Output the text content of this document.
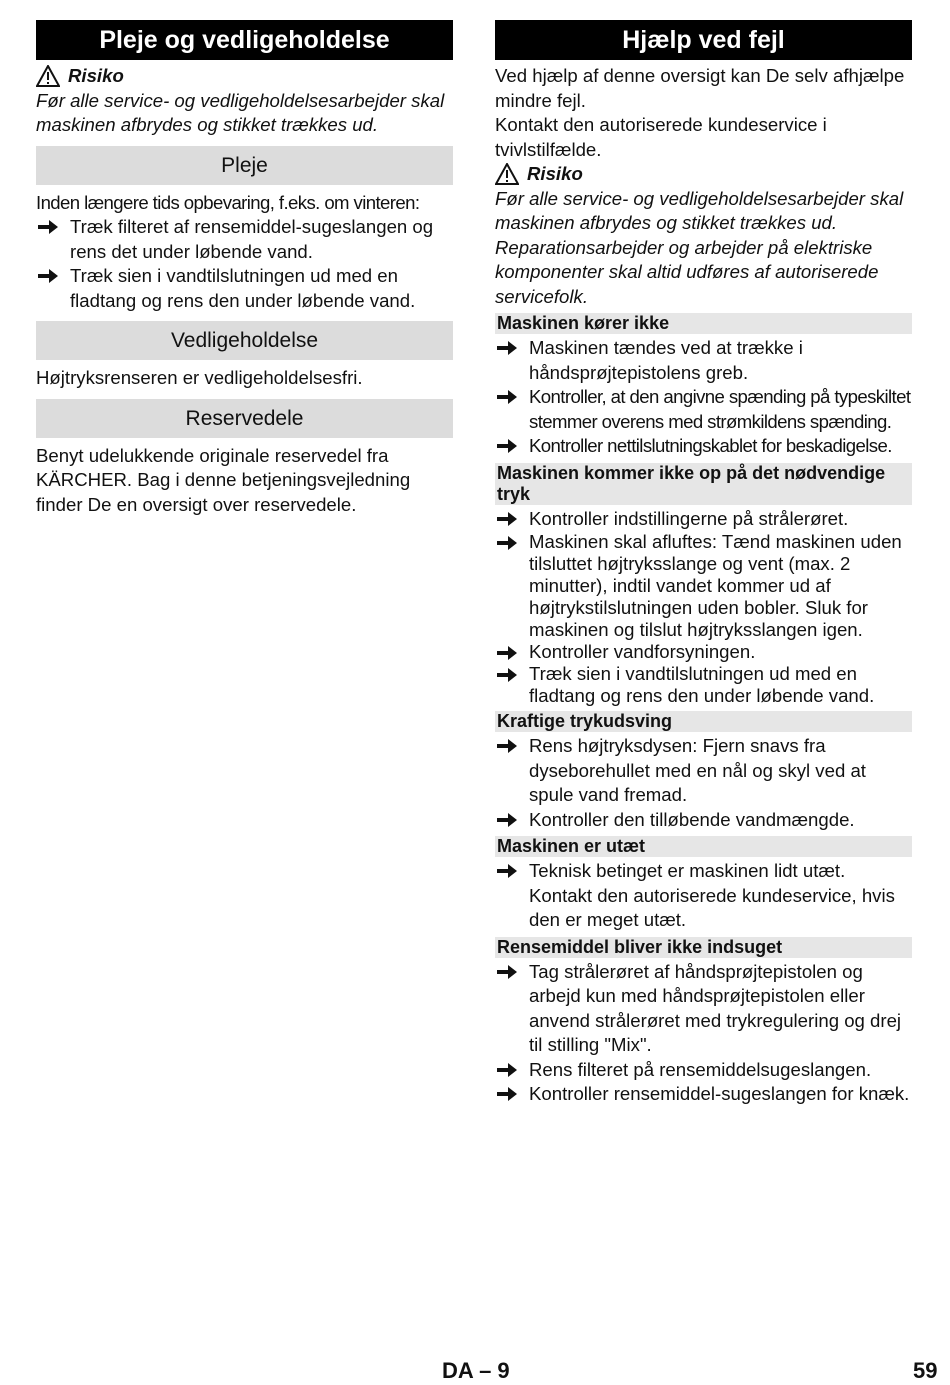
Pleje og vedligeholdelse
Risiko

Før alle service- og vedligeholdelsesarbejder skal maskinen afbrydes og stikket trækkes ud.

Pleje

Inden længere tids opbevaring, f.eks. om vinteren:

Træk filteret af rensemiddel-sugeslangen og rens det under løbende vand.
Træk sien i vandtilslutningen ud med en fladtang og rens den under løbende vand.
Vedligeholdelse

Højtryksrenseren er vedligeholdelsesfri.

Reservedele

Benyt udelukkende originale reservedel fra KÄRCHER. Bag i denne betjeningsvejledning finder De en oversigt over reservedele.

Hjælp ved fejl

Ved hjælp af denne oversigt kan De selv afhjælpe mindre fejl.

Kontakt den autoriserede kundeservice i tvivlstilfælde.

Risiko

Før alle service- og vedligeholdelsesarbejder skal maskinen afbrydes og stikket trækkes ud.

Reparationsarbejder og arbejder på elektriske komponenter skal altid udføres af autoriserede servicefolk.

Maskinen kører ikke
Maskinen tændes ved at trække i håndsprøjtepistolens greb.
Kontroller, at den angivne spænding på typeskiltet stemmer overens med strømkildens spænding.
Kontroller nettilslutningskablet for beskadigelse.
Maskinen kommer ikke op på det nødvendige tryk
Kontroller indstillingerne på strålerøret.
Maskinen skal afluftes: Tænd maskinen uden tilsluttet højtryksslange og vent (max. 2 minutter), indtil vandet kommer ud af højtrykstilslutningen uden bobler. Sluk for maskinen og tilslut højtryksslangen igen.
Kontroller vandforsyningen.
Træk sien i vandtilslutningen ud med en fladtang og rens den under løbende vand.
Kraftige trykudsving
Rens højtryksdysen: Fjern snavs fra dyseborehullet med en nål og skyl ved at spule vand fremad.
Kontroller den tilløbende vandmængde.
Maskinen er utæt
Teknisk betinget er maskinen lidt utæt. Kontakt den autoriserede kundeservice, hvis den er meget utæt.
Rensemiddel bliver ikke indsuget
Tag strålerøret af håndsprøjtepistolen og arbejd kun med håndsprøjtepistolen eller anvend strålerøret med trykregulering og drej til stilling "Mix".
Rens filteret på rensemiddelsugeslangen.
Kontroller rensemiddel-sugeslangen for knæk.
DA – 9	59
